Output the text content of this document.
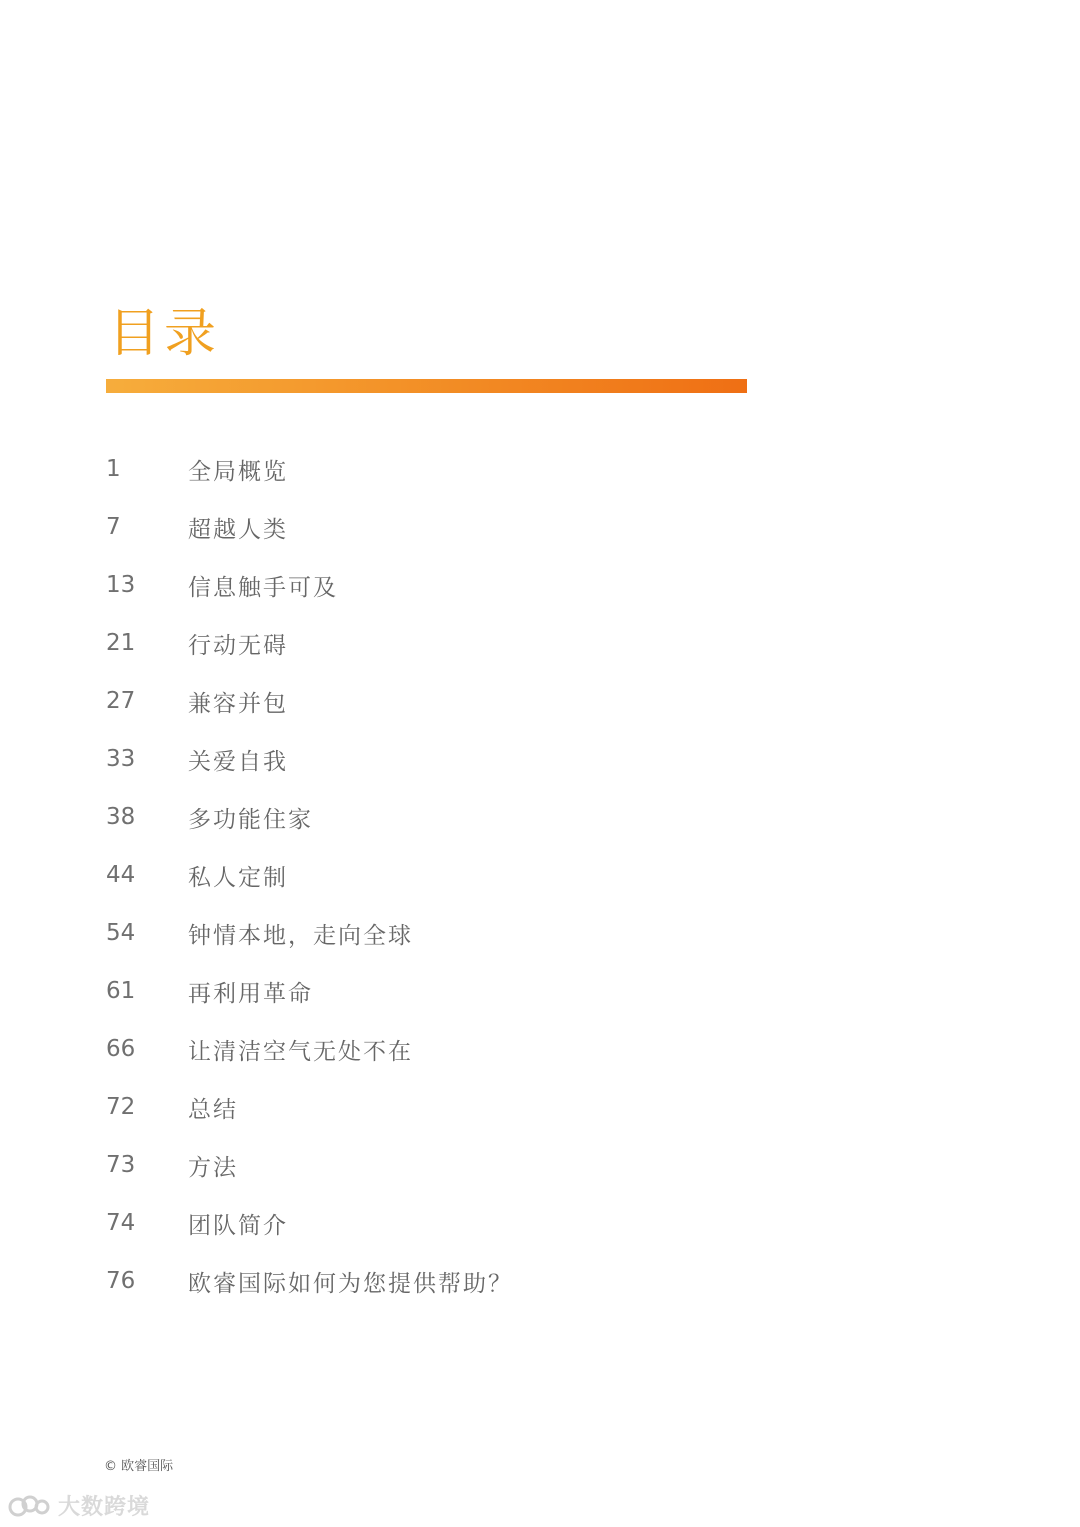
目录
1	全局概览
7	超越人类
13	信息触手可及
21	行动无碍
27	兼容并包
33	关爱自我
38	多功能住家
44	私人定制
54	钟情本地，走向全球
61	再利用革命
66	让清洁空气无处不在
72	总结
73	方法
74	团队简介
76	欧睿国际如何为您提供帮助？
© 欧睿国际
大数跨境
